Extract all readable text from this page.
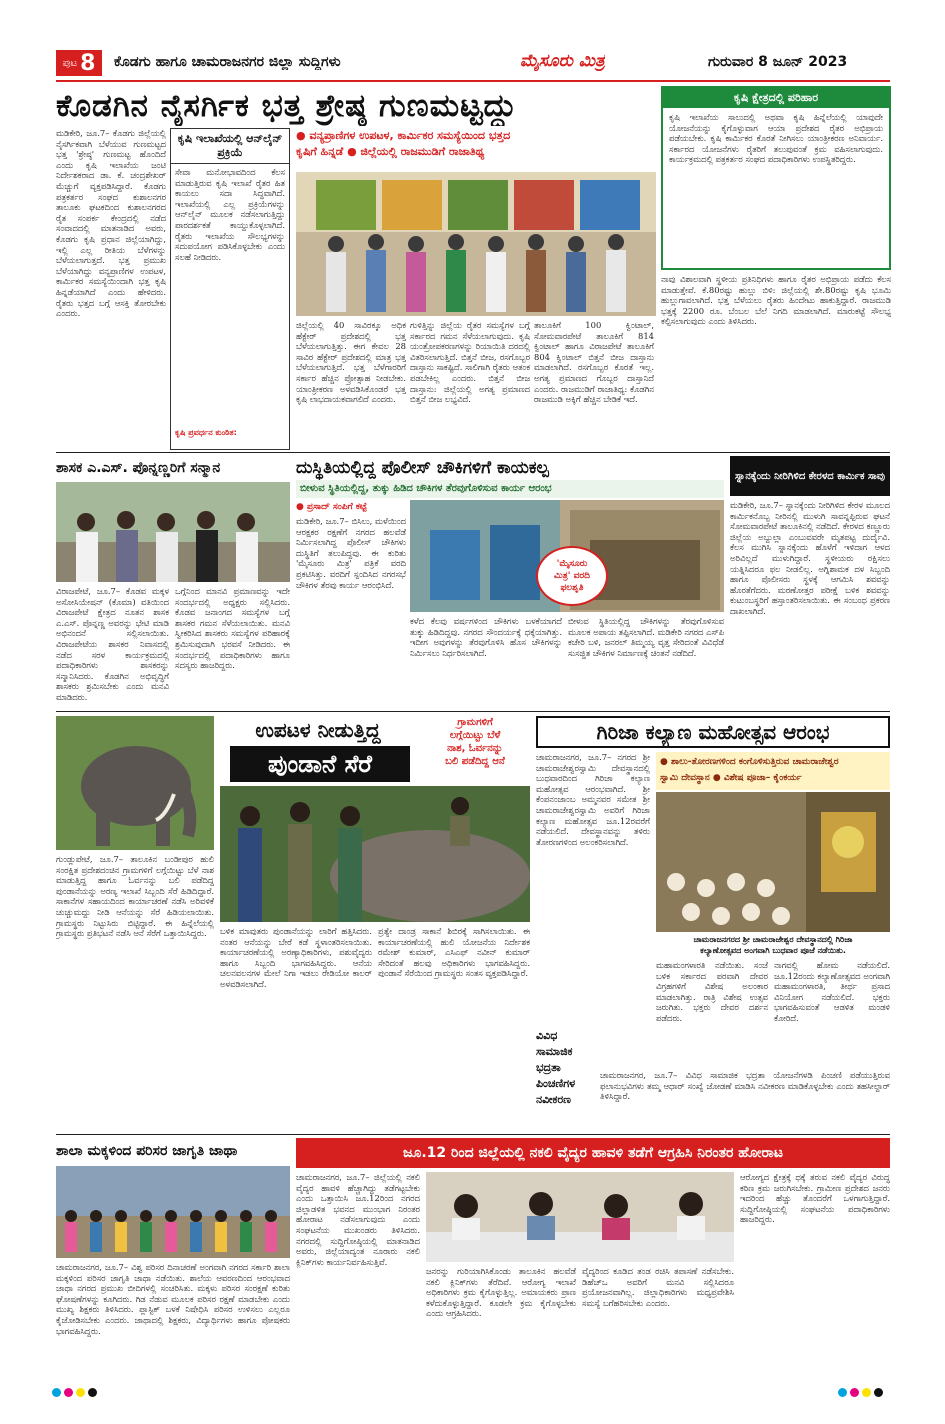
ಪುಟ 8 ಕೊಡಗು ಹಾಗೂ ಚಾಮರಾಜನಗರ ಜಿಲ್ಲಾ ಸುದ್ದಿಗಳು	ಮೈಸೂರು ಮಿತ್ರ	ಗುರುವಾರ 8 ಜೂನ್ 2023
ಕೊಡಗಿನ ನೈಸರ್ಗಿಕ ಭತ್ತ ಶ್ರೇಷ್ಠ ಗುಣಮಟ್ಟದ್ದು	ಕೃಷಿ ಕ್ಷೇತ್ರದಲ್ಲಿ ಪರಿಹಾರ
ಕೃಷಿ ಇಲಾಖೆಯ ಸಾಲುದಲ್ಲಿ ಅಥವಾ ಕೃಷಿ ಹಿನ್ನೆಲೆಯಲ್ಲಿ ಯಾವುದೇ ಯೋಜನೆಯನ್ನು ಕೈಗೊಳ್ಳುವಾಗ ಆಯಾ ಪ್ರದೇಶದ ರೈತರ ಅಭಿಪ್ರಾಯ ಪಡೆಯಬೇಕು. ಕೃಷಿ ಕಾರ್ಮಿಕರ ಕೊರತೆ ನೀಗಿಸಲು ಯಾಂತ್ರೀಕರಣ ಅನಿವಾರ್ಯ. ಸರ್ಕಾರದ ಯೋಜನೆಗಳು ರೈತರಿಗೆ ತಲುಪುವಂತೆ ಕ್ರಮ ವಹಿಸಲಾಗುವುದು. ಕಾರ್ಯಕ್ರಮದಲ್ಲಿ ಪತ್ರಕರ್ತರ ಸಂಘದ ಪದಾಧಿಕಾರಿಗಳು ಉಪಸ್ಥಿತರಿದ್ದರು.
ಮಡಿಕೇರಿ, ಜೂ.7– ಕೊಡಗು ಜಿಲ್ಲೆಯಲ್ಲಿ ನೈಸರ್ಗಿಕವಾಗಿ ಬೆಳೆಯುವ ಗುಣಮಟ್ಟದ ಭತ್ತ 'ಶ್ರೇಷ್ಠ' ಗುಣಮಟ್ಟ ಹೊಂದಿದೆ ಎಂದು ಕೃಷಿ ಇಲಾಖೆಯ ಜಂಟಿ ನಿರ್ದೇಶಕರಾದ ಡಾ. ಕೆ. ಚಂದ್ರಶೇಖರ್ ಮೆಚ್ಚುಗೆ ವ್ಯಕ್ತಪಡಿಸಿದ್ದಾರೆ. ಕೊಡಗು ಪತ್ರಕರ್ತರ ಸಂಘದ ಕುಶಾಲನಗರ ತಾಲೂಕು ಘಟಕದಿಂದ ಕುಶಾಲನಗರದ ರೈತ ಸಂಪರ್ಕ ಕೇಂದ್ರದಲ್ಲಿ ನಡೆದ ಸಂವಾದದಲ್ಲಿ ಮಾತನಾಡಿದ ಅವರು, ಕೊಡಗು ಕೃಷಿ ಪ್ರಧಾನ ಜಿಲ್ಲೆಯಾಗಿದ್ದು, ಇಲ್ಲಿ ಎಲ್ಲ ರೀತಿಯ ಬೆಳೆಗಳನ್ನು ಬೆಳೆಯಲಾಗುತ್ತದೆ. ಭತ್ತ ಪ್ರಮುಖ ಬೆಳೆಯಾಗಿದ್ದು ವನ್ಯಪ್ರಾಣಿಗಳ ಉಪಟಳ, ಕಾರ್ಮಿಕರ ಸಮಸ್ಯೆಯಿಂದಾಗಿ ಭತ್ತ ಕೃಷಿ ಹಿನ್ನಡೆಯಾಗಿದೆ ಎಂದು ಹೇಳಿದರು. ರೈತರು ಭತ್ತದ ಬಗ್ಗೆ ಆಸಕ್ತಿ ತೋರಬೇಕು ಎಂದರು.
ಕೃಷಿ ಇಲಾಖೆಯಲ್ಲಿ ಆನ್‌ಲೈನ್ ಪ್ರಕ್ರಿಯೆ
ಸೇವಾ ಮನೋಭಾವದಿಂದ ಕೆಲಸ ಮಾಡುತ್ತಿರುವ ಕೃಷಿ ಇಲಾಖೆ ರೈತರ ಹಿತ ಕಾಯಲು ಸದಾ ಸಿದ್ಧವಾಗಿದೆ. ಇಲಾಖೆಯಲ್ಲಿ ಎಲ್ಲ ಪ್ರಕ್ರಿಯೆಗಳನ್ನು ಆನ್‌ಲೈನ್ ಮೂಲಕ ನಡೆಸಲಾಗುತ್ತಿದ್ದು ಪಾರದರ್ಶಕತೆ ಕಾಯ್ದುಕೊಳ್ಳಲಾಗಿದೆ. ರೈತರು ಇಲಾಖೆಯ ಸೌಲಭ್ಯಗಳನ್ನು ಸದುಪಯೋಗ ಪಡಿಸಿಕೊಳ್ಳಬೇಕು ಎಂದು ಸಲಹೆ ನೀಡಿದರು.
ಕೃಷಿ ಪ್ರವರ್ಧನ ಕುಂಠಿತ:
● ವನ್ಯಪ್ರಾಣಿಗಳ ಉಪಟಳ, ಕಾರ್ಮಿಕರ ಸಮಸ್ಯೆಯಿಂದ ಭತ್ತದ
ಕೃಷಿಗೆ ಹಿನ್ನಡೆ ● ಜಿಲ್ಲೆಯಲ್ಲಿ ರಾಜಮುಡಿಗೆ ರಾಜಾತಿಥ್ಯ
ಜಿಲ್ಲೆಯಲ್ಲಿ 40 ಸಾವಿರಕ್ಕೂ ಅಧಿಕ ಹೆಕ್ಟೇರ್ ಪ್ರದೇಶದಲ್ಲಿ ಭತ್ತ ಬೆಳೆಯಲಾಗುತ್ತಿತ್ತು. ಈಗ ಕೇವಲ 28 ಸಾವಿರ ಹೆಕ್ಟೇರ್ ಪ್ರದೇಶದಲ್ಲಿ ಮಾತ್ರ ಭತ್ತ ಬೆಳೆಯಲಾಗುತ್ತಿದೆ. ಭತ್ತ ಬೆಳೆಗಾರರಿಗೆ ಸರ್ಕಾರ ಹೆಚ್ಚಿನ ಪ್ರೋತ್ಸಾಹ ನೀಡಬೇಕು. ಯಾಂತ್ರೀಕರಣ ಅಳವಡಿಸಿಕೊಂಡರೆ ಭತ್ತ ಕೃಷಿ ಲಾಭದಾಯಕವಾಗಲಿದೆ ಎಂದರು.
ಗುಳಿತ್ತಿನ್ನು ಜಿಲ್ಲೆಯ ರೈತರ ಸಮಸ್ಯೆಗಳ ಬಗ್ಗೆ ಸರ್ಕಾರದ ಗಮನ ಸೆಳೆಯಲಾಗುವುದು. ಕೃಷಿ ಯಂತ್ರೋಪಕರಣಗಳನ್ನು ರಿಯಾಯಿತಿ ದರದಲ್ಲಿ ವಿತರಿಸಲಾಗುತ್ತಿದೆ. ಬಿತ್ತನೆ ಬೀಜ, ರಸಗೊಬ್ಬರ ದಾಸ್ತಾನು ಸಾಕಷ್ಟಿದೆ. ಸಾಲಿಗಾಗಿ ರೈತರು ಆತಂಕ ಪಡಬೇಕಿಲ್ಲ ಎಂದರು. ಬಿತ್ತನೆ ಬೀಜ ದಾಸ್ತಾನು: ಜಿಲ್ಲೆಯಲ್ಲಿ ಅಗತ್ಯ ಪ್ರಮಾಣದ ಬಿತ್ತನೆ ಬೀಜ ಲಭ್ಯವಿದೆ.
ತಾಲೂಕಿಗೆ 100 ಕ್ವಿಂಟಾಲ್, ಸೋಮವಾರಪೇಟೆ ತಾಲೂಕಿಗೆ 814 ಕ್ವಿಂಟಾಲ್ ಹಾಗೂ ವಿರಾಜಪೇಟೆ ತಾಲೂಕಿಗೆ 804 ಕ್ವಿಂಟಾಲ್ ಬಿತ್ತನೆ ಬೀಜ ದಾಸ್ತಾನು ಮಾಡಲಾಗಿದೆ. ರಸಗೊಬ್ಬರ ಕೊರತೆ ಇಲ್ಲ. ಅಗತ್ಯ ಪ್ರಮಾಣದ ಗೊಬ್ಬರ ದಾಸ್ತಾನಿದೆ ಎಂದರು. ರಾಜಮುಡಿಗೆ ರಾಜಾತಿಥ್ಯ: ಕೊಡಗಿನ ರಾಜಮುಡಿ ಅಕ್ಕಿಗೆ ಹೆಚ್ಚಿನ ಬೇಡಿಕೆ ಇದೆ.
ನಾವು ವಿಶಾಲವಾಗಿ ಸ್ಥಳೀಯ ಪ್ರತಿನಿಧಿಗಳು ಹಾಗೂ ರೈತರ ಅಭಿಪ್ರಾಯ ಪಡೆದು ಕೆಲಸ ಮಾಡುತ್ತೇವೆ. ಕೆ.80ರಷ್ಟು ಹುಲ್ಲು ಬಿಳಿ: ಜಿಲ್ಲೆಯಲ್ಲಿ ಶೇ.80ರಷ್ಟು ಕೃಷಿ ಭೂಮಿ ಹುಲ್ಲುಗಾವಲಾಗಿದೆ. ಭತ್ತ ಬೆಳೆಯಲು ರೈತರು ಹಿಂದೇಟು ಹಾಕುತ್ತಿದ್ದಾರೆ. ರಾಜಮುಡಿ ಭತ್ತಕ್ಕೆ 2200 ರೂ. ಬೆಂಬಲ ಬೆಲೆ ನಿಗದಿ ಮಾಡಲಾಗಿದೆ. ಮಾರುಕಟ್ಟೆ ಸೌಲಭ್ಯ ಕಲ್ಪಿಸಲಾಗುವುದು ಎಂದು ತಿಳಿಸಿದರು.
ಶಾಸಕ ಎ.ಎಸ್. ಪೊನ್ನಣ್ಣರಿಗೆ ಸನ್ಮಾನ
ವಿರಾಜಪೇಟೆ, ಜೂ.7– ಕೊಡವ ಮಕ್ಕಳ ಅಸೋಸಿಯೇಷನ್ (ಕೊಮಾ) ವತಿಯಿಂದ ವಿರಾಜಪೇಟೆ ಕ್ಷೇತ್ರದ ನೂತನ ಶಾಸಕ ಎ.ಎಸ್. ಪೊನ್ನಣ್ಣ ಅವರನ್ನು ಭೇಟಿ ಮಾಡಿ ಅಭಿನಂದನೆ ಸಲ್ಲಿಸಲಾಯಿತು. ವಿರಾಜಪೇಟೆಯ ಶಾಸಕರ ನಿವಾಸದಲ್ಲಿ ನಡೆದ ಸರಳ ಕಾರ್ಯಕ್ರಮದಲ್ಲಿ ಪದಾಧಿಕಾರಿಗಳು ಶಾಸಕರನ್ನು ಸನ್ಮಾನಿಸಿದರು. ಕೊಡಗಿನ ಅಭಿವೃದ್ಧಿಗೆ ಶಾಸಕರು ಶ್ರಮಿಸಬೇಕು ಎಂದು ಮನವಿ ಮಾಡಿದರು.
ಒಗ್ಗೆನಿಂದ ಮಾನವಿ ಪ್ರಮಾಣವನ್ನು ಇದೇ ಸಂದರ್ಭದಲ್ಲಿ ಅಧ್ಯಕ್ಷರು ಸಲ್ಲಿಸಿದರು. ಕೊಡವ ಜನಾಂಗದ ಸಮಸ್ಯೆಗಳ ಬಗ್ಗೆ ಶಾಸಕರ ಗಮನ ಸೆಳೆಯಲಾಯಿತು. ಮನವಿ ಸ್ವೀಕರಿಸಿದ ಶಾಸಕರು ಸಮಸ್ಯೆಗಳ ಪರಿಹಾರಕ್ಕೆ ಶ್ರಮಿಸುವುದಾಗಿ ಭರವಸೆ ನೀಡಿದರು. ಈ ಸಂದರ್ಭದಲ್ಲಿ ಪದಾಧಿಕಾರಿಗಳು ಹಾಗೂ ಸದಸ್ಯರು ಹಾಜರಿದ್ದರು.
ದುಸ್ಥಿತಿಯಲ್ಲಿದ್ದ ಪೊಲೀಸ್ ಚೌಕಿಗಳಿಗೆ ಕಾಯಕಲ್ಪ
ಬೀಳುವ ಸ್ಥಿತಿಯಲ್ಲಿದ್ದ, ತುಕ್ಕು ಹಿಡಿದ ಚೌಕಿಗಳ ತೆರವುಗೊಳಿಸುವ ಕಾರ್ಯ ಆರಂಭ
● ಪ್ರಸಾದ್ ಸಂಪಿಗೆ ಕಟ್ಟೆ
ಮಡಿಕೇರಿ, ಜೂ.7– ಬಿಸಿಲು, ಮಳೆಯಿಂದ ಆರಕ್ಷಕರ ರಕ್ಷಣೆಗೆ ನಗರದ ಹಲವೆಡೆ ನಿರ್ಮಿಸಲಾಗಿದ್ದ ಪೊಲೀಸ್ ಚೌಕಿಗಳು ದುಸ್ಥಿತಿಗೆ ತಲುಪಿದ್ದವು. ಈ ಕುರಿತು 'ಮೈಸೂರು ಮಿತ್ರ' ಪತ್ರಿಕೆ ವರದಿ ಪ್ರಕಟಿಸಿತ್ತು. ವರದಿಗೆ ಸ್ಪಂದಿಸಿದ ನಗರಸಭೆ ಚೌಕಿಗಳ ತೆರವು ಕಾರ್ಯ ಆರಂಭಿಸಿದೆ.
'ಮೈಸೂರು
ಮಿತ್ರ' ವರದಿ
ಫಲಶೃತಿ
ಕಳೆದ ಕೆಲವು ವರ್ಷಗಳಿಂದ ಚೌಕಿಗಳು ಬಳಕೆಯಾಗದೆ ತುಕ್ಕು ಹಿಡಿದಿದ್ದವು. ನಗರದ ಸೌಂದರ್ಯಕ್ಕೆ ಧಕ್ಕೆಯಾಗಿತ್ತು. ಇದೀಗ ಅವುಗಳನ್ನು ತೆರವುಗೊಳಿಸಿ ಹೊಸ ಚೌಕಿಗಳನ್ನು ನಿರ್ಮಿಸಲು ನಿರ್ಧರಿಸಲಾಗಿದೆ.
ಬೀಳುವ ಸ್ಥಿತಿಯಲ್ಲಿದ್ದ ಚೌಕಿಗಳನ್ನು ತೆರವುಗೊಳಿಸುವ ಮೂಲಕ ಅಪಾಯ ತಪ್ಪಿಸಲಾಗಿದೆ. ಮಡಿಕೇರಿ ನಗರದ ಎಸ್‌ಪಿ ಕಚೇರಿ ಬಳಿ, ಜನರಲ್ ತಿಮ್ಮಯ್ಯ ವೃತ್ತ ಸೇರಿದಂತೆ ವಿವಿಧೆಡೆ ಸುಸಜ್ಜಿತ ಚೌಕಿಗಳ ನಿರ್ಮಾಣಕ್ಕೆ ಚಿಂತನೆ ನಡೆದಿದೆ.
ಸ್ನಾನಕ್ಕೆಂದು ನೀರಿಗಿಳಿದ ಕೇರಳದ ಕಾರ್ಮಿಕ ಸಾವು
ಮಡಿಕೇರಿ, ಜೂ.7– ಸ್ನಾನಕ್ಕೆಂದು ನೀರಿಗಿಳಿದ ಕೇರಳ ಮೂಲದ ಕಾರ್ಮಿಕನೊಬ್ಬ ನೀರಿನಲ್ಲಿ ಮುಳುಗಿ ಸಾವನ್ನಪ್ಪಿರುವ ಘಟನೆ ಸೋಮವಾರಪೇಟೆ ತಾಲೂಕಿನಲ್ಲಿ ನಡೆದಿದೆ. ಕೇರಳದ ಕಣ್ಣೂರು ಜಿಲ್ಲೆಯ ಅಬ್ದುಲ್ಲಾ ಎಂಬುವವರೇ ಮೃತಪಟ್ಟ ದುರ್ದೈವಿ. ಕೆಲಸ ಮುಗಿಸಿ ಸ್ನಾನಕ್ಕೆಂದು ಹೊಳೆಗೆ ಇಳಿದಾಗ ಆಳದ ಅರಿವಿಲ್ಲದೆ ಮುಳುಗಿದ್ದಾರೆ. ಸ್ಥಳೀಯರು ರಕ್ಷಿಸಲು ಯತ್ನಿಸಿದರೂ ಫಲ ನೀಡಲಿಲ್ಲ. ಅಗ್ನಿಶಾಮಕ ದಳ ಸಿಬ್ಬಂದಿ ಹಾಗೂ ಪೊಲೀಸರು ಸ್ಥಳಕ್ಕೆ ಆಗಮಿಸಿ ಶವವನ್ನು ಹೊರತೆಗೆದರು. ಮರಣೋತ್ತರ ಪರೀಕ್ಷೆ ಬಳಿಕ ಶವವನ್ನು ಕುಟುಂಬಸ್ಥರಿಗೆ ಹಸ್ತಾಂತರಿಸಲಾಯಿತು. ಈ ಸಂಬಂಧ ಪ್ರಕರಣ ದಾಖಲಾಗಿದೆ.
ಉಪಟಳ ನೀಡುತ್ತಿದ್ದ
ಪುಂಡಾನೆ ಸೆರೆ
ಗ್ರಾಮಗಳಿಗೆ
ಲಗ್ಗೆಯಿಟ್ಟು ಬೆಳೆ
ನಾಶ, ಓರ್ವನನ್ನು
ಬಲಿ ಪಡೆದಿದ್ದ ಆನೆ
ಗುಂಡ್ಲುಪೇಟೆ, ಜೂ.7– ತಾಲೂಕಿನ ಬಂಡೀಪುರ ಹುಲಿ ಸಂರಕ್ಷಿತ ಪ್ರದೇಶದಂಚಿನ ಗ್ರಾಮಗಳಿಗೆ ಲಗ್ಗೆಯಿಟ್ಟು ಬೆಳೆ ನಾಶ ಮಾಡುತ್ತಿದ್ದ ಹಾಗೂ ಓರ್ವನನ್ನು ಬಲಿ ಪಡೆದಿದ್ದ ಪುಂಡಾನೆಯನ್ನು ಅರಣ್ಯ ಇಲಾಖೆ ಸಿಬ್ಬಂದಿ ಸೆರೆ ಹಿಡಿದಿದ್ದಾರೆ. ಸಾಕಾನೆಗಳ ಸಹಾಯದಿಂದ ಕಾರ್ಯಾಚರಣೆ ನಡೆಸಿ ಅರಿವಳಿಕೆ ಚುಚ್ಚುಮದ್ದು ನೀಡಿ ಆನೆಯನ್ನು ಸೆರೆ ಹಿಡಿಯಲಾಯಿತು. ಗ್ರಾಮಸ್ಥರು ನಿಟ್ಟುಸಿರು ಬಿಟ್ಟಿದ್ದಾರೆ. ಈ ಹಿನ್ನೆಲೆಯಲ್ಲಿ ಗ್ರಾಮಸ್ಥರು ಪ್ರತಿಭಟನೆ ನಡೆಸಿ ಆನೆ ಸೆರೆಗೆ ಒತ್ತಾಯಿಸಿದ್ದರು.	ಬಳಿಕ ಮಾವುತರು ಪುಂಡಾನೆಯನ್ನು ಲಾರಿಗೆ ಹತ್ತಿಸಿದರು. ನಂತರ ಆನೆಯನ್ನು ಬೇರೆ ಕಡೆ ಸ್ಥಳಾಂತರಿಸಲಾಯಿತು. ಕಾರ್ಯಾಚರಣೆಯಲ್ಲಿ ಅರಣ್ಯಾಧಿಕಾರಿಗಳು, ಪಶುವೈದ್ಯರು ಹಾಗೂ ಸಿಬ್ಬಂದಿ ಭಾಗವಹಿಸಿದ್ದರು. ಆನೆಯ ಚಲನವಲನಗಳ ಮೇಲೆ ನಿಗಾ ಇಡಲು ರೇಡಿಯೋ ಕಾಲರ್ ಅಳವಡಿಸಲಾಗಿದೆ.
ಪ್ರತ್ಯೇ ದಾಂಡ್ರ ಸಾಕಾನೆ ಶಿಬಿರಕ್ಕೆ ಸಾಗಿಸಲಾಯಿತು. ಈ ಕಾರ್ಯಾಚರಣೆಯಲ್ಲಿ ಹುಲಿ ಯೋಜನೆಯ ನಿರ್ದೇಶಕ ರಮೇಶ್ ಕುಮಾರ್, ಎಸಿಎಫ್ ನವೀನ್ ಕುಮಾರ್ ಸೇರಿದಂತೆ ಹಲವು ಅಧಿಕಾರಿಗಳು ಭಾಗವಹಿಸಿದ್ದರು. ಪುಂಡಾನೆ ಸೆರೆಯಿಂದ ಗ್ರಾಮಸ್ಥರು ಸಂತಸ ವ್ಯಕ್ತಪಡಿಸಿದ್ದಾರೆ.
ಗಿರಿಜಾ ಕಲ್ಯಾಣ ಮಹೋತ್ಸವ ಆರಂಭ
ಚಾಮರಾಜನಗರ, ಜೂ.7– ನಗರದ ಶ್ರೀ ಚಾಮರಾಜೇಶ್ವರಸ್ವಾಮಿ ದೇವಸ್ಥಾನದಲ್ಲಿ ಬುಧವಾರದಿಂದ ಗಿರಿಜಾ ಕಲ್ಯಾಣ ಮಹೋತ್ಸವ ಆರಂಭವಾಗಿದೆ. ಶ್ರೀ ಕೆಂಪನಂಜಾಂಬ ಅಮ್ಮನವರ ಸಮೇತ ಶ್ರೀ ಚಾಮರಾಜೇಶ್ವರಸ್ವಾಮಿ ಅವರಿಗೆ ಗಿರಿಜಾ ಕಲ್ಯಾಣ ಮಹೋತ್ಸವ ಜೂ.12ರವರೆಗೆ ನಡೆಯಲಿದೆ. ದೇವಸ್ಥಾನವನ್ನು ತಳಿರು ತೋರಣಗಳಿಂದ ಅಲಂಕರಿಸಲಾಗಿದೆ.
● ಶಾಲು-ತೋರಣಗಳಿಂದ ಕಂಗೊಳಿಸುತ್ತಿರುವ ಚಾಮರಾಜೇಶ್ವರ
ಸ್ವಾಮಿ ದೇವಸ್ಥಾನ ● ವಿಶೇಷ ಪೂಜಾ– ಕೈಂಕರ್ಯ
ಚಾಮರಾಜನಗರದ ಶ್ರೀ ಚಾಮರಾಜೇಶ್ವರ ದೇವಸ್ಥಾನದಲ್ಲಿ ಗಿರಿಜಾ
ಕಲ್ಯಾಣೋತ್ಸವದ ಅಂಗವಾಗಿ ಬುಧವಾರ ಪೂಜೆ ನಡೆಯಿತು.
ಮಹಾಮಂಗಳಾರತಿ ನಡೆಯಿತು. ಸಂಜೆ ಬಳಿಕ ಸರ್ಕಾರದ ಪರವಾಗಿ ದೇವರ ವಿಗ್ರಹಗಳಿಗೆ ವಿಶೇಷ ಅಲಂಕಾರ ಮಾಡಲಾಗಿತ್ತು. ರಾತ್ರಿ ವಿಶೇಷ ಉತ್ಸವ ಜರುಗಿತು. ಭಕ್ತರು ದೇವರ ದರ್ಶನ ಪಡೆದರು.
ನಾಗವಲ್ಲಿ ಹೋಮ ನಡೆಯಲಿದೆ. ಜೂ.12ರಂದು ಕಲ್ಯಾಣೋತ್ಸವದ ಅಂಗವಾಗಿ ಮಹಾಮಂಗಳಾರತಿ, ತೀರ್ಥ ಪ್ರಸಾದ ವಿನಿಯೋಗ ನಡೆಯಲಿದೆ. ಭಕ್ತರು ಭಾಗವಹಿಸುವಂತೆ ಆಡಳಿತ ಮಂಡಳಿ ಕೋರಿದೆ.
ವಿವಿಧ
ಸಾಮಾಜಿಕ
ಭದ್ರತಾ
ಪಿಂಚಣಿಗಳ
ನವೀಕರಣ
ಚಾಮರಾಜನಗರ, ಜೂ.7– ವಿವಿಧ ಸಾಮಾಜಿಕ ಭದ್ರತಾ ಯೋಜನೆಗಳಡಿ ಪಿಂಚಣಿ ಪಡೆಯುತ್ತಿರುವ ಫಲಾನುಭವಿಗಳು ತಮ್ಮ ಆಧಾರ್ ಸಂಖ್ಯೆ ಜೋಡಣೆ ಮಾಡಿಸಿ ನವೀಕರಣ ಮಾಡಿಕೊಳ್ಳಬೇಕು ಎಂದು ತಹಸೀಲ್ದಾರ್ ತಿಳಿಸಿದ್ದಾರೆ.
ಶಾಲಾ ಮಕ್ಕಳಿಂದ ಪರಿಸರ ಜಾಗೃತಿ ಜಾಥಾ
ಚಾಮರಾಜನಗರ, ಜೂ.7– ವಿಶ್ವ ಪರಿಸರ ದಿನಾಚರಣೆ ಅಂಗವಾಗಿ ನಗರದ ಸರ್ಕಾರಿ ಶಾಲಾ ಮಕ್ಕಳಿಂದ ಪರಿಸರ ಜಾಗೃತಿ ಜಾಥಾ ನಡೆಯಿತು. ಶಾಲೆಯ ಆವರಣದಿಂದ ಆರಂಭವಾದ ಜಾಥಾ ನಗರದ ಪ್ರಮುಖ ಬೀದಿಗಳಲ್ಲಿ ಸಂಚರಿಸಿತು. ಮಕ್ಕಳು ಪರಿಸರ ಸಂರಕ್ಷಣೆ ಕುರಿತು ಘೋಷಣೆಗಳನ್ನು ಕೂಗಿದರು. ಗಿಡ ನೆಡುವ ಮೂಲಕ ಪರಿಸರ ರಕ್ಷಣೆ ಮಾಡಬೇಕು ಎಂದು ಮುಖ್ಯ ಶಿಕ್ಷಕರು ತಿಳಿಸಿದರು. ಪ್ಲಾಸ್ಟಿಕ್ ಬಳಕೆ ನಿಷೇಧಿಸಿ ಪರಿಸರ ಉಳಿಸಲು ಎಲ್ಲರೂ ಕೈಜೋಡಿಸಬೇಕು ಎಂದರು. ಜಾಥಾದಲ್ಲಿ ಶಿಕ್ಷಕರು, ವಿದ್ಯಾರ್ಥಿಗಳು ಹಾಗೂ ಪೋಷಕರು ಭಾಗವಹಿಸಿದ್ದರು.
ಜೂ.12 ರಿಂದ ಜಿಲ್ಲೆಯಲ್ಲಿ ನಕಲಿ ವೈದ್ಯರ ಹಾವಳಿ ತಡೆಗೆ ಆಗ್ರಹಿಸಿ ನಿರಂತರ ಹೋರಾಟ
ಚಾಮರಾಜನಗರ, ಜೂ.7– ಜಿಲ್ಲೆಯಲ್ಲಿ ನಕಲಿ ವೈದ್ಯರ ಹಾವಳಿ ಹೆಚ್ಚಾಗಿದ್ದು ತಡೆಗಟ್ಟಬೇಕು ಎಂದು ಒತ್ತಾಯಿಸಿ ಜೂ.12ರಿಂದ ನಗರದ ಜಿಲ್ಲಾಡಳಿತ ಭವನದ ಮುಂಭಾಗ ನಿರಂತರ ಹೋರಾಟ ನಡೆಸಲಾಗುವುದು ಎಂದು ಸಂಘಟನೆಯ ಮುಖಂಡರು ತಿಳಿಸಿದರು. ನಗರದಲ್ಲಿ ಸುದ್ದಿಗೋಷ್ಠಿಯಲ್ಲಿ ಮಾತನಾಡಿದ ಅವರು, ಜಿಲ್ಲೆಯಾದ್ಯಂತ ನೂರಾರು ನಕಲಿ ಕ್ಲಿನಿಕ್‌ಗಳು ಕಾರ್ಯನಿರ್ವಹಿಸುತ್ತಿವೆ.
ಜನರನ್ನು ಗುರಿಯಾಗಿಸಿಕೊಂಡು ತಾಲೂಕಿನ ಹಲವೆಡೆ ನಕಲಿ ಕ್ಲಿನಿಕ್‌ಗಳು ತೆರೆದಿವೆ. ಆರೋಗ್ಯ ಇಲಾಖೆ ಅಧಿಕಾರಿಗಳು ಕ್ರಮ ಕೈಗೊಳ್ಳುತ್ತಿಲ್ಲ. ಅಮಾಯಕರು ಪ್ರಾಣ ಕಳೆದುಕೊಳ್ಳುತ್ತಿದ್ದಾರೆ. ಕೂಡಲೇ ಕ್ರಮ ಕೈಗೊಳ್ಳಬೇಕು ಎಂದು ಆಗ್ರಹಿಸಿದರು.
ವೈದ್ಯರಿಂದ ಕೂಡಿದ ತಂಡ ರಚಿಸಿ ತಪಾಸಣೆ ನಡೆಸಬೇಕು. ಡಿಹೆಚ್‌ಒ ಅವರಿಗೆ ಮನವಿ ಸಲ್ಲಿಸಿದರೂ ಪ್ರಯೋಜನವಾಗಿಲ್ಲ. ಜಿಲ್ಲಾಧಿಕಾರಿಗಳು ಮಧ್ಯಪ್ರವೇಶಿಸಿ ಸಮಸ್ಯೆ ಬಗೆಹರಿಸಬೇಕು ಎಂದರು.
ಆರೋಗ್ಯದ ಕ್ಷೇತ್ರಕ್ಕೆ ಧಕ್ಕೆ ತರುವ ನಕಲಿ ವೈದ್ಯರ ವಿರುದ್ಧ ಕಠಿಣ ಕ್ರಮ ಜರುಗಿಸಬೇಕು. ಗ್ರಾಮೀಣ ಪ್ರದೇಶದ ಜನರು ಇದರಿಂದ ಹೆಚ್ಚು ತೊಂದರೆಗೆ ಒಳಗಾಗುತ್ತಿದ್ದಾರೆ. ಸುದ್ದಿಗೋಷ್ಠಿಯಲ್ಲಿ ಸಂಘಟನೆಯ ಪದಾಧಿಕಾರಿಗಳು ಹಾಜರಿದ್ದರು.
